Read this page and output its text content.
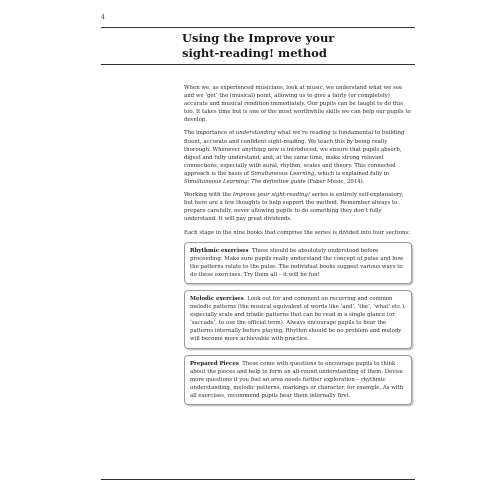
4
Using the Improve your
sight-reading! method

When we, as experienced musicians, look at music, we understand what we see and we ‘get’ the (musical) point, allowing us to give a fairly (or completely) accurate and musical rendition immediately. Our pupils can be taught to do this too. It takes time but is one of the most worthwhile skills we can help our pupils to develop.

The importance of understanding what we’re reading is fundamental to building fluent, accurate and confident sight-reading. We teach this by being really thorough. Whenever anything new is introduced, we ensure that pupils absorb, digest and fully understand, and, at the same time, make strong relevant connections, especially with aural, rhythm, scales and theory. This connected approach is the basis of Simultaneous Learning, which is explained fully in Simultaneous Learning: The definitive guide (Faber Music, 2014).

Working with the Improve your sight-reading! series is entirely self-explanatory, but here are a few thoughts to help support the method. Remember always to prepare carefully, never allowing pupils to do something they don’t fully understand. It will pay great dividends.

Each stage in the nine books that comprise the series is divided into four sections:

Rhythmic exercises These should be absolutely understood before proceeding. Make sure pupils really understand the concept of pulse and how the patterns relate to the pulse. The individual books suggest various ways to do these exercises. Try them all – it will be fun!

Melodic exercises Look out for and comment on recurring and common melodic patterns (the musical equivalent of words like ‘and’, ‘the’, ‘what’ etc.), especially scale and triadic patterns that can be read in a single glance (or ‘saccade’, to use the official term). Always encourage pupils to hear the patterns internally before playing. Rhythm should be no problem and melody will become more achievable with practice.

Prepared Pieces These come with questions to encourage pupils to think about the pieces and help to form an all-round understanding of them. Devise more questions if you feel an area needs further exploration – rhythmic understanding, melodic patterns, markings or character, for example. As with all exercises, recommend pupils hear them internally first.
